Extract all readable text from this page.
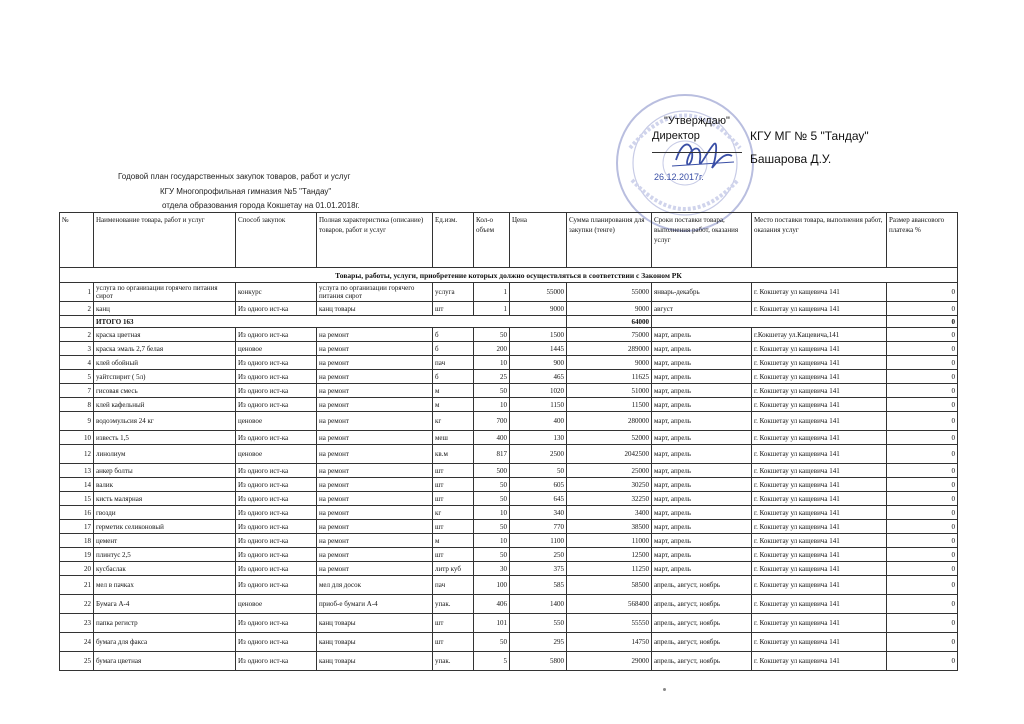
"Утверждаю"
Директор	КГУ МГ № 5 "Тандау"
Башарова Д.У.
26.12.2017г.
Годовой план государственных закупок товаров, работ и услуг
КГУ Многопрофильная гимназия №5 "Тандау"
отдела образования города Кокшетау на 01.01.2018г.
№	Наименование товара, работ и услуг	Способ закупок	Полная характеристика (описание) товаров, работ и услуг	Ед.изм.	Кол-о объем	Цена	Сумма планирования для закупки (тенге)	Сроки поставки товара, выполнения работ, оказания услуг	Место поставки товара, выполнения работ, оказания услуг	Размер авансового платежа %
Товары, работы, услуги, приобретение которых должно осуществляться в соответствии с Законом РК										
1	услуга по организации горячего питания сирот	конкурс	услуга по организации горячего питания сирот	услуга	1	55000	55000	январь-декабрь	г. Кокшетау ул кащевича 141	0
2	канц	Из одного ист-ка	канц товары	шт	1	9000	9000	август	г. Кокшетау ул кащевича 141	0
	ИТОГО 163						64000			0
2	краска цветная	Из одного ист-ка	на ремонт	б	50	1500	75000	март, апрель	г.Кокшетау ул.Кащевича,141	0
3	краска эмаль 2,7 белая	ценовое	на ремонт	б	200	1445	289000	март, апрель	г. Кокшетау ул кащевича 141	0
4	клей обойный	Из одного ист-ка	на ремонт	пач	10	900	9000	март, апрель	г. Кокшетау ул кащевича 141	0
5	уайтспирит ( 5л)	Из одного ист-ка	на ремонт	б	25	465	11625	март, апрель	г. Кокшетау ул кащевича 141	0
7	гисовая смесь	Из одного ист-ка	на ремонт	м	50	1020	51000	март, апрель	г. Кокшетау ул кащевича 141	0
8	клей кафельный	Из одного ист-ка	на ремонт	м	10	1150	11500	март, апрель	г. Кокшетау ул кащевича 141	0
9	водоэмульсия 24 кг	ценовое	на ремонт	кг	700	400	280000	март, апрель	г. Кокшетау ул кащевича 141	0
10	известь 1,5	Из одного ист-ка	на ремонт	меш	400	130	52000	март, апрель	г. Кокшетау ул кащевича 141	0
12	линолиум	ценовое	на ремонт	кв.м	817	2500	2042500	март, апрель	г. Кокшетау ул кащевича 141	0
13	анкер болты	Из одного ист-ка	на ремонт	шт	500	50	25000	март, апрель	г. Кокшетау ул кащевича 141	0
14	валик	Из одного ист-ка	на ремонт	шт	50	605	30250	март, апрель	г. Кокшетау ул кащевича 141	0
15	кисть малярная	Из одного ист-ка	на ремонт	шт	50	645	32250	март, апрель	г. Кокшетау ул кащевича 141	0
16	гвозди	Из одного ист-ка	на ремонт	кг	10	340	3400	март, апрель	г. Кокшетау ул кащевича 141	0
17	герметик селиконовый	Из одного ист-ка	на ремонт	шт	50	770	38500	март, апрель	г. Кокшетау ул кащевича 141	0
18	цемент	Из одного ист-ка	на ремонт	м	10	1100	11000	март, апрель	г. Кокшетау ул кащевича 141	0
19	плинтус 2,5	Из одного ист-ка	на ремонт	шт	50	250	12500	март, апрель	г. Кокшетау ул кащевича 141	0
20	кусбаслак	Из одного ист-ка	на ремонт	литр куб	30	375	11250	март, апрель	г. Кокшетау ул кащевича 141	0
21	мел в пачках	Из одного ист-ка	мел для досок	пач	100	585	58500	апрель, август, ноябрь	г. Кокшетау ул кащевича 141	0
22	Бумага А-4	ценовое	приоб-е бумаги А-4	упак.	406	1400	568400	апрель, август, ноябрь	г. Кокшетау ул кащевича 141	0
23	папка регистр	Из одного ист-ка	канц товары	шт	101	550	55550	апрель, август, ноябрь	г. Кокшетау ул кащевича 141	0
24	бумага для факса	Из одного ист-ка	канц товары	шт	50	295	14750	апрель, август, ноябрь	г. Кокшетау ул кащевича 141	0
25	бумага цветная	Из одного ист-ка	канц товары	упак.	5	5800	29000	апрель, август, ноябрь	г. Кокшетау ул кащевича 141	0
